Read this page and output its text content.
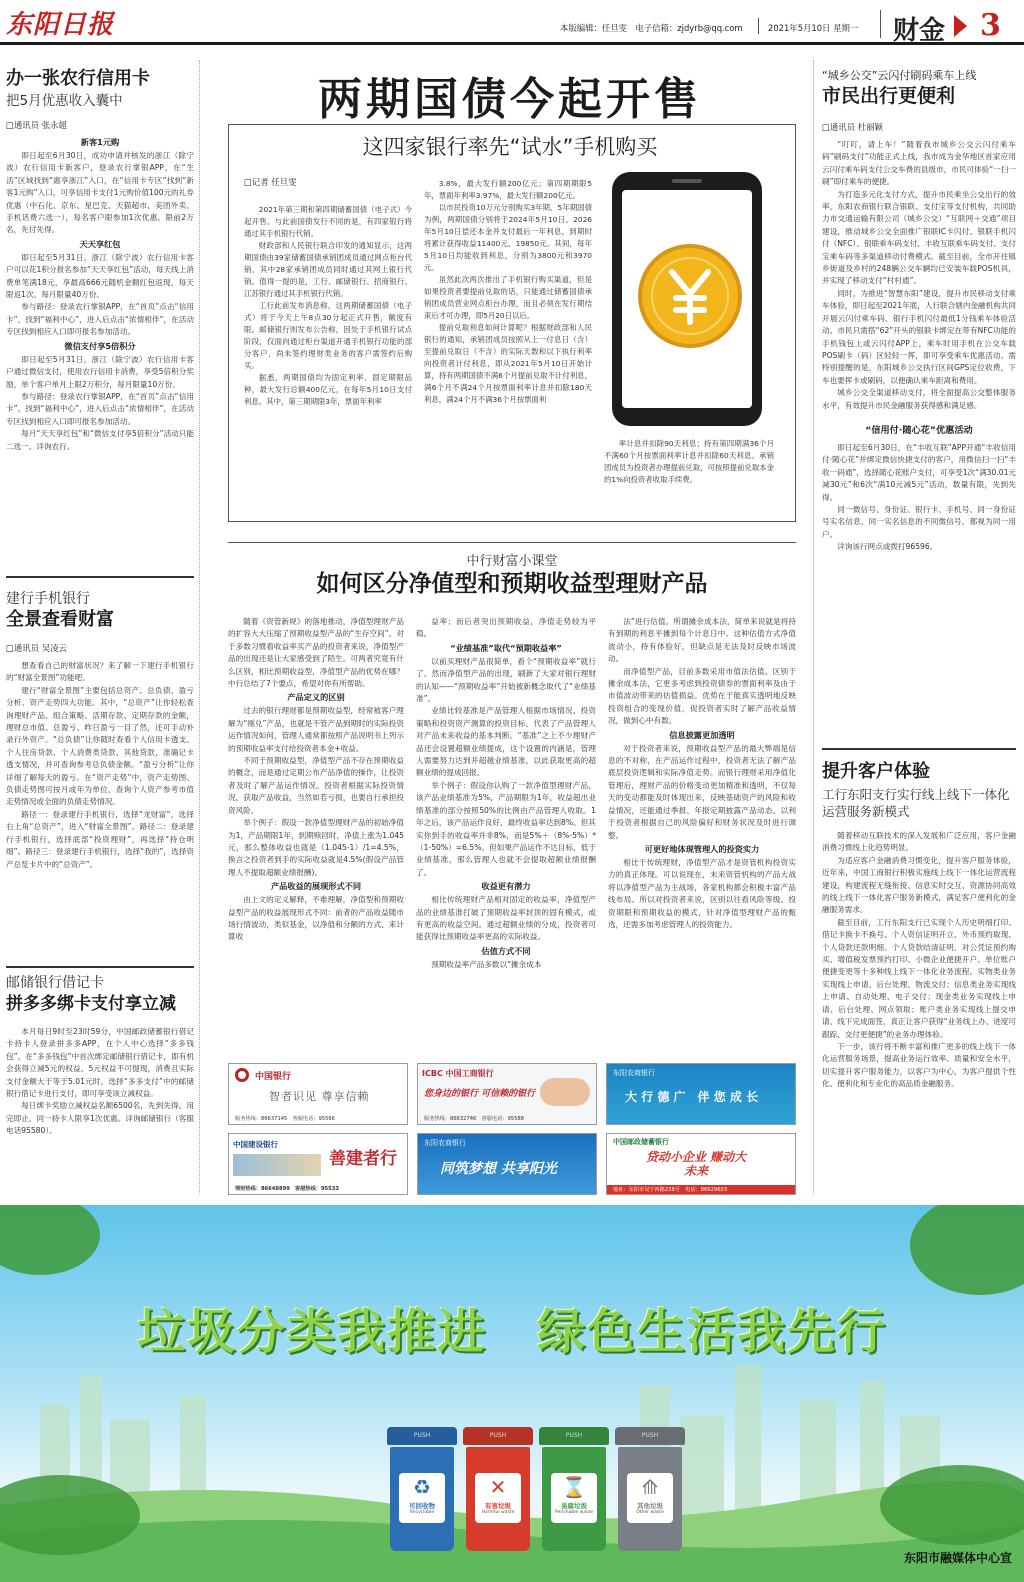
东阳日报	本版编辑：任旦雯　电子信箱：zjdyrb@qq.com	2021年5月10日 星期一 财金 3
办一张农行信用卡
把5月优惠收入囊中
□通讯员 张永超
新客1元购

即日起至6月30日，成功申请并核发的浙江（除宁波）农行信用卡新客户，登录农行掌银APP，在“生活”区域找到“惠享浙江”入口，在“信用卡专区”找到“新客1元购”入口，可享信用卡支付1元购价值100元的礼券优惠（中石化、京东、星巴克、天猫超市、美团外卖、手机话费六选一），每名客户限参加1次优惠。限前2万名，先付先得。

天天享红包

即日起至5月31日，浙江（除宁波）农行信用卡客户可以花1积分报名参加“天天享红包”活动，每天线上消费单笔满18元，享最高666元随机金额红包返现，每天限返1次。每月限量40万份。

参与路径：登录农行掌银APP，在“首页”点击“信用卡”，找到“福利中心”，进入后点击“浓情相伴”，在活动专区找到相应入口即可报名参加活动。

微信支付享5倍积分

即日起至5月31日，浙江（除宁波）农行信用卡客户通过微信支付，使用农行信用卡消费，享受5倍积分奖励，单个客户单月上限2万积分，每月限量10万份。

参与路径：登录农行掌银APP，在“首页”点击“信用卡”，找到“福利中心”，进入后点击“浓情相伴”，在活动专区找到相应入口即可报名参加活动。

每月“天天享红包”和“微信支付享5倍积分”活动只能二选一。详询农行。

建行手机银行
全景查看财富
□通讯员 吴凌云

想查看自己的财富状况？来了解一下建行手机银行的“财富全景图”功能吧。

建行“财富全景图”主要包括总资产、总负债、盈亏分析、资产走势四大功能。其中，“总资产”让你轻松查询理财产品、组合策略、活期存款、定期存款的金额，理财总市值、总盈亏、昨日盈亏一目了然，还可手动补录行外资产。“总负债”让你随时查看个人信用卡透支、个人住房贷款、个人消费类贷款、其他贷款，准确记卡透支情况，并可查询参考总负债金额。“盈亏分析”让你详细了解每天的盈亏。在“资产走势”中，资产走势图、负债走势图可按月或年为单位，查询个人资产参考市值走势情况或全面的负债走势情况。

路径一：登录建行手机银行，选择“龙财富”，选择右上角“总资产”，进入“财富全景图”。路径二：登录建行手机银行，选择底部“投资理财”，再选择“持仓明细”。路径三：登录建行手机银行，选择“我的”，选择资产总览卡片中的“总资产”。

邮储银行借记卡
拼多多绑卡支付享立减

本月每日9时至23时59分，中国邮政储蓄银行借记卡持卡人登录拼多多APP，在个人中心选择“多多钱包”，在“多多钱包”中首次绑定邮储银行借记卡，即有机会获得立减5元的权益。5元权益不可提现，消费且实际支付金额大于等于5.01元时，选择“多多支付”中的邮储银行借记卡进行支付，即可享受该立减权益。

每日绑卡奖励立减权益名额6500名，先到先得。用完即止，同一持卡人限享1次优惠。详询邮储银行（客服电话95580）。

两期国债今起开售
这四家银行率先“试水”手机购买
□记者 任旦雯

2021年第三期和第四期储蓄国债（电子式）今起开售。与此前国债发行不同的是，有四家银行将通过其手机银行代销。

财政部和人民银行联合印发的通知显示，这两期国债由39家储蓄国债承销团成员通过网点柜台代销，其中28家承销团成员同时通过其网上银行代销。值得一提的是，工行、邮储银行、招商银行、江苏银行通过其手机银行代销。

工行此前发布消息称，这两期储蓄国债（电子式）将于今天上午8点30分起正式开售，额度有限。邮储银行则发布公告称，因处于手机银行试点阶段，仅面向通过柜台渠道开通手机银行功能的部分客户，尚未签约理财类业务的客户需签约后购买。

据悉，两期国债均为固定利率、固定期限品种，最大发行总额400亿元，在每年5月10日支付利息。其中，第三期期限3年，票面年利率

3.8%，最大发行额200亿元；第四期期限5年，票面年利率3.97%，最大发行额200亿元。

以市民投资10万元分别购买3年期、5年期国债为例，两期国债分别将于2024年5月10日、2026年5月10日偿还本金并支付最后一年利息，到期时将累计获得收益11400元、19850元。其间，每年5月10日均能收到利息，分别为3800元和3970元。

虽然此次两次推出了手机银行购买渠道，但是如果投资者要提前兑取的话，只能通过储蓄国债承销团成员营业网点柜台办理，而且必须在发行期结束后才可办理，即5月20日以后。

提前兑取利息如何计算呢？根据财政部和人民银行的通知，承销团成员按照从上一付息日（含）至提前兑取日（不含）的实际天数和以下执行利率向投资者计付利息，即从2021年5月10日开始计算，持有两期国债不满6个月提前兑取不计付利息，满6个月不满24个月按票面利率计息并扣除180天利息，满24个月不满36个月按票面利

率计息并扣除90天利息；持有第四期满36个月不满60个月按票面利率计息并扣除60天利息。承销团成员为投资者办理提前兑取，可按照提前兑取本金的1%向投资者收取手续费。

中行财富小课堂
如何区分净值型和预期收益型理财产品

随着《资管新规》的落地推动，净值型理财产品的扩容大大压缩了预期收益型产品的“生存空间”。对于多数习惯看收益率买产品的投资者来说，净值型产品的出现还是让大家感受到了陌生。可两者究竟有什么区别，相比预期收益型，净值型产品的优势在哪？中行总结了7个要点，希望对你有所帮助。

产品定义的区别

过去的银行理财都是预期收益型，经常被客户理解为“刚兑”产品，也就是不管产品到期时的实际投资运作情况如何，管理人通常都按照产品说明书上列示的预期收益率支付给投资者本金+收益。

不同于预期收益型，净值型产品不存在预期收益的概念，而是通过定期公布产品净值的操作，让投资者及时了解产品运作情况。投资者根据实际投资情况，获取产品收益，当然如若亏损，也要自行承担投资风险。

举个例子：假设一款净值型理财产品的初始净值为1，产品期限1年，到期赎回时，净值上涨为1.045元，那么整体收益也就是（1.045-1）/1=4.5%，换言之投资者到手的实际收益就是4.5%(假设产品管理人不提取超额业绩报酬)。

产品收益的展现形式不同

由上文的定义解释，不难理解，净值型和预期收益型产品的收益展现形式不同：前者的产品收益随市场行情波动，类似基金，以净值和分额的方式、来计算收

益率；而后者突出预期收益，净值走势较为平稳。

“业绩基准”取代“预期收益率”

以前买理财产品很简单，看个“预期收益率”就行了。然而净值型产品的出现，刷新了大家对银行理财的认知——“预期收益率”开始被新概念取代了“业绩基准”。

业绩比较基准是产品管理人根据市场情况、投资策略和投资资产测算的投资目标，代表了产品管理人对产品未来收益的基本判断。“基准”之上不少理财产品还会设置超额业绩提成，这个设置的内涵是，管理人需要努力达到并超越业绩基准，以此获取更高的超额业绩的提成回报。

举个例子：假设你认购了一款净值型理财产品，该产品业绩基准为5%，产品期限为1年，收益超出业绩基准的部分按照50%的比例由产品管理人收取。1年之后，该产品运作良好，最终收益率达到8%。但其实你到手的收益率并非8%，而是5%＋（8%-5%）*（1-50%）=6.5%。但如果产品运作不达目标，低于业绩基准，那么管理人也就不会提取超额业绩报酬了。

收益更有潜力

相比传统理财产品相对固定的收益率，净值型产品的业绩基准打破了预期收益率封顶的固有模式，或有更高的收益空间。通过超额业绩的分成，投资者可能获得比预期收益率更高的实际收益。

估值方式不同

预期收益率产品多数以“摊余成本

法”进行估值。所谓摊余成本法，简单来说就是将持有到期的利息平摊到每个计息日中。这种估值方式净值波动小，持有体验好，但缺点是无法及时反映市场波动。

而净值型产品，目前多数采用市值法估值。区别于摊余成本法，它更多考虑到投资债券的票面利率及由于市值波动带来的估值损益。优势在于能真实透明地反映投资组合的变现价值，促投资者实时了解产品收益情况，做到心中有数。

信息披露更加透明

对于投资者来说，预期收益型产品的最大弊端是信息的不对称，在产品运作过程中，投资者无法了解产品底层投资逻辑和实际净值走势。而银行理财采用净值化管理后，理财产品的价格变动更加精准和透明，不仅每天的变动都能及时体现出来，反映基础资产的风险和收益情况，还能通过季报、年报定期披露产品动态，以利于投资者根据自己的风险偏好和财务状况及时进行调整。

可更好地体现管理人的投资实力

相比于传统理财，净值型产品才是资管机构投资实力的真正体现。可以说现在，未来资管机构的产品大战将以净值型产品为主战场，各家机构都会积极丰富产品线布局。所以对投资者来说，区别以往看风险等级、投资期限和预期收益的模式，针对净值型理财产品的甄选，还需多加考虑管理人的投资能力。

中国银行
智者识见 尊享信赖
服务热线：86637145　客服电话：95566
ICBC 中国工商银行
您身边的银行 可信赖的银行
服务热线：86632746　客服电话：95588
东阳农商银行
大 行 德 广　伴 您 成 长
中国建设银行
善建者行
理财热线：86648899　客服热线：95533
东阳农商银行
同筑梦想 共享阳光
中国邮政储蓄银行
贷动小企业 赚动大未来
地址：东阳市吴宁西路238号　电话：86629603
“城乡公交”云闪付刷码乘车上线
市民出行更便利
□通讯员 杜丽颖

“叮叮，请上车！”随着我市城乡公交云闪付乘车码“刷码支付”功能正式上线，我市成为金华地区首家应用云闪付乘车码支付公交车费的县级市，市民可体验“一扫一刷”即付乘车的便捷。

为打造多元化支付方式，提升市民乘坐公交出行的效率，东阳农商银行联合银联、支付宝等支付机构，共同助力市交通运输有限公司（城乡公交）“互联网＋交通”项目建设，推动城乡公交全面推广银联IC卡闪付、银联手机闪付（NFC）、银联乘车码支付、丰收互联乘车码支付、支付宝乘车码等多渠道移动付费模式。截至目前，全市开往镇乡街道及乡村的248辆公交车辆均已安装车载POS机具，并实现了移动支付“村村通”。

同时，为推进“智慧东阳”建设，提升市民移动支付乘车体验，即日起至2021年底，人行联合辖内金融机构共同开展云闪付乘车码、银行手机闪付最低1分钱乘车体验活动。市民只需搭“62”开头的银联卡绑定在带有NFC功能的手机钱包上或云闪付APP上，乘车时用手机在公交车载POS刷卡（码）区轻轻一挥，即可享受乘车优惠活动。需特别提醒的是，东阳城乡公交执行区间GPS定位收费，下车也要挥卡或刷码，以便确认乘车距离和费用。

城乡公交全渠道移动支付，将全面提高公交整体服务水平，有效提升市民金融服务获得感和满足感。

“信用付·随心花”优惠活动

即日起至6月30日，在“丰收互联”APP开通“丰收信用付·随心花”并绑定微信快捷支付的客户，用微信扫一扫“丰收一码通”，选择随心花账户支付，可享受1次“满30.01元减30元”和6次“满10元减5元”活动，数量有限，先到先得。

同一微信号、身份证、银行卡、手机号、同一身份证号实名信息，同一实名信息的不同微信号，都视为同一用户。

详询该行网点或拨打96596。

提升客户体验
工行东阳支行实行线上线下一体化运营服务新模式

随着移动互联技术的深入发展和广泛应用，客户金融消费习惯线上化趋势明显。

为适应客户金融消费习惯变化，提升客户服务体验，近年来，中国工商银行积极实施线上线下一体化运营流程建设，构建流程无缝衔接、信息实时交互、资源协同高效的线上线下一体化客户服务新模式，满足客户便利化的金融服务需求。

截至目前，工行东阳支行已实现个人历史明细打印、借记卡换卡不换号、个人资信证明开立、外币预约取现、个人贷款还款明细、个人贷款结清证明、对公凭证预约购买、增值税发票预约打印、小微企业便捷开户、单位账户便捷变更等十多种线上线下一体化业务流程。实物类业务实现线上申请、后台处理、物流交付；信息类业务实现线上申请、自动处理、电子交付；现金类业务实现线上申请、后台处理、网点领取；账户类业务实现线上提交申请、线下完成面签，真正让客户获得“业务线上办、进度可跟踪、交付更便捷”的业务办理体验。

下一步，该行将不断丰富和推广更多的线上线下一体化运营服务场景，提高业务运行效率、质量和安全水平，切实提升客户服务能力，以客户为中心，为客户提供个性化、便利化和专业化的高品质金融服务。

垃圾分类我推进　绿色生活我先行
PUSH
♻
可回收物
Recyclable
PUSH
✕
有害垃圾
Harmful waste
PUSH
⌛
易腐垃圾
Perishable waste
PUSH
⟰
其他垃圾
Other waste
东阳市融媒体中心宣
